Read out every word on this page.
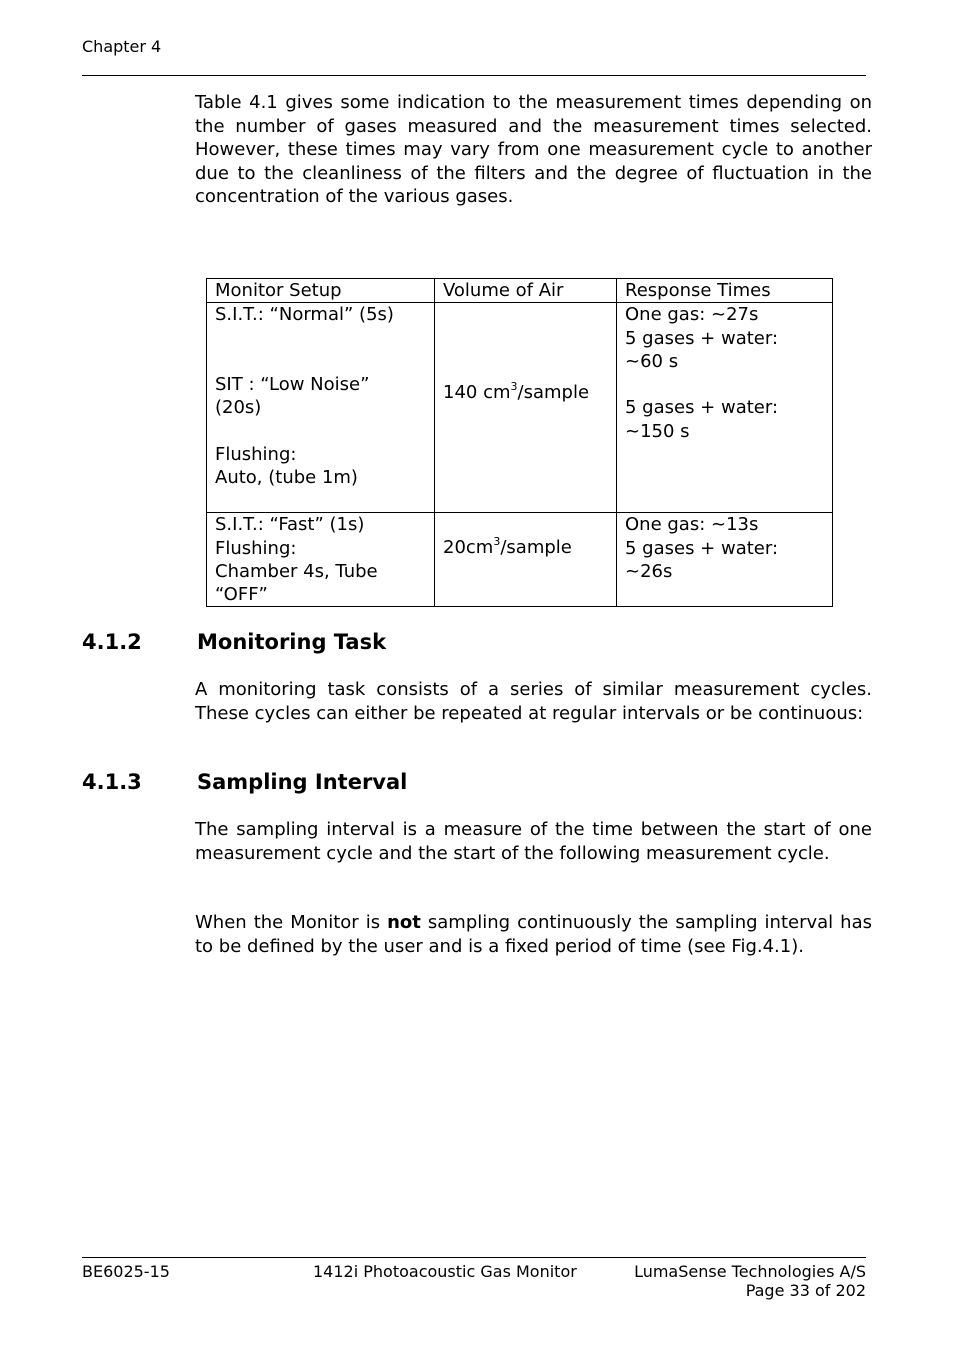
Chapter 4

Table 4.1 gives some indication to the measurement times depending on the number of gases measured and the measurement times selected. However, these times may vary from one measurement cycle to another due to the cleanliness of the filters and the degree of fluctuation in the concentration of the various gases.

Monitor Setup	Volume of Air	Response Times

S.I.T.: “Normal” (5s)
SIT : “Low Noise”
(20s)
Flushing:
Auto, (tube 1m)	140 $cm^3$/sample	One gas: ~27s
5 gases + water:
~60 s
5 gases + water:
~150 s

S.I.T.: “Fast” (1s)
Flushing:
Chamber 4s, Tube
“OFF”	$20cm^3$/sample	One gas: ~13s
5 gases + water:
~26s
4.1.2	Monitoring Task

A monitoring task consists of a series of similar measurement cycles. These cycles can either be repeated at regular intervals or be continuous:

4.1.3	Sampling Interval

The sampling interval is a measure of the time between the start of one measurement cycle and the start of the following measurement cycle.

When the Monitor is not sampling continuously the sampling interval has to be defined by the user and is a fixed period of time (see Fig.4.1).

BE6025-15	1412i Photoacoustic Gas Monitor	LumaSense Technologies A/S
Page 33 of 202
